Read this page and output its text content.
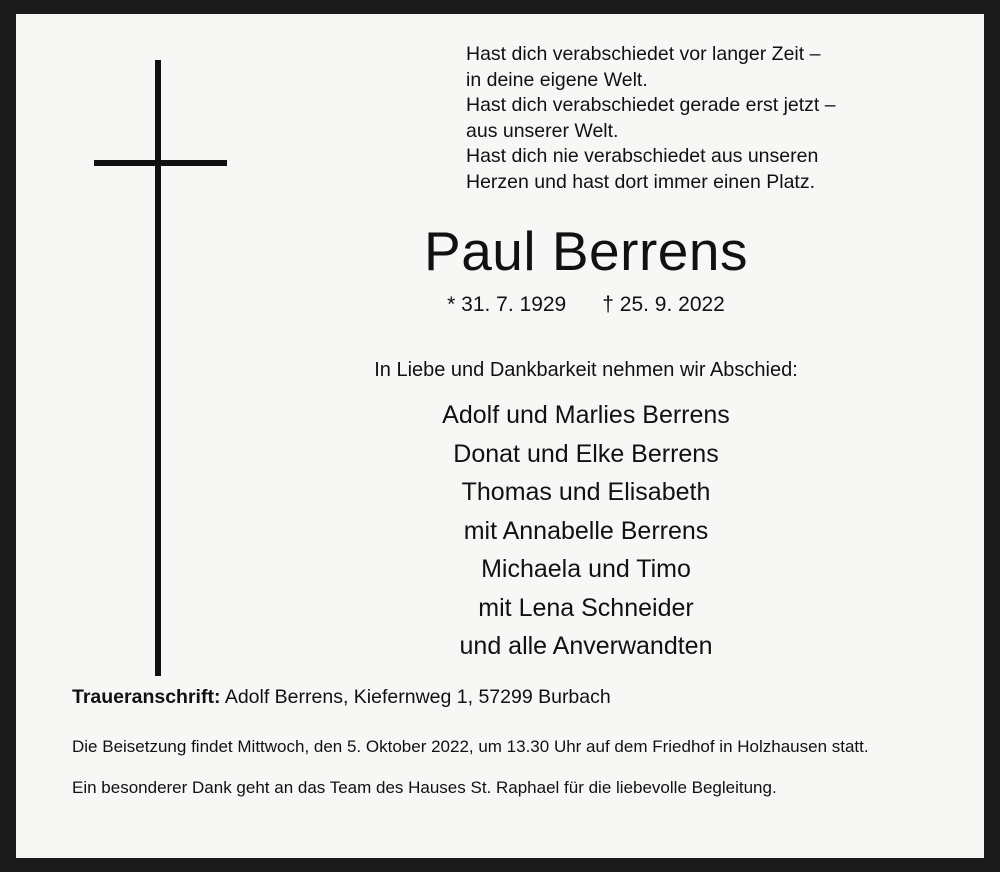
Hast dich verabschiedet vor langer Zeit –
in deine eigene Welt.
Hast dich verabschiedet gerade erst jetzt –
aus unserer Welt.
Hast dich nie verabschiedet aus unseren
Herzen und hast dort immer einen Platz.
Paul Berrens
* 31. 7. 1929 † 25. 9. 2022
In Liebe und Dankbarkeit nehmen wir Abschied:
Adolf und Marlies Berrens
Donat und Elke Berrens
Thomas und Elisabeth
mit Annabelle Berrens
Michaela und Timo
mit Lena Schneider
und alle Anverwandten
Traueranschrift: Adolf Berrens, Kiefernweg 1, 57299 Burbach
Die Beisetzung findet Mittwoch, den 5. Oktober 2022, um 13.30 Uhr auf dem Friedhof in Holzhausen statt.
Ein besonderer Dank geht an das Team des Hauses St. Raphael für die liebevolle Begleitung.
